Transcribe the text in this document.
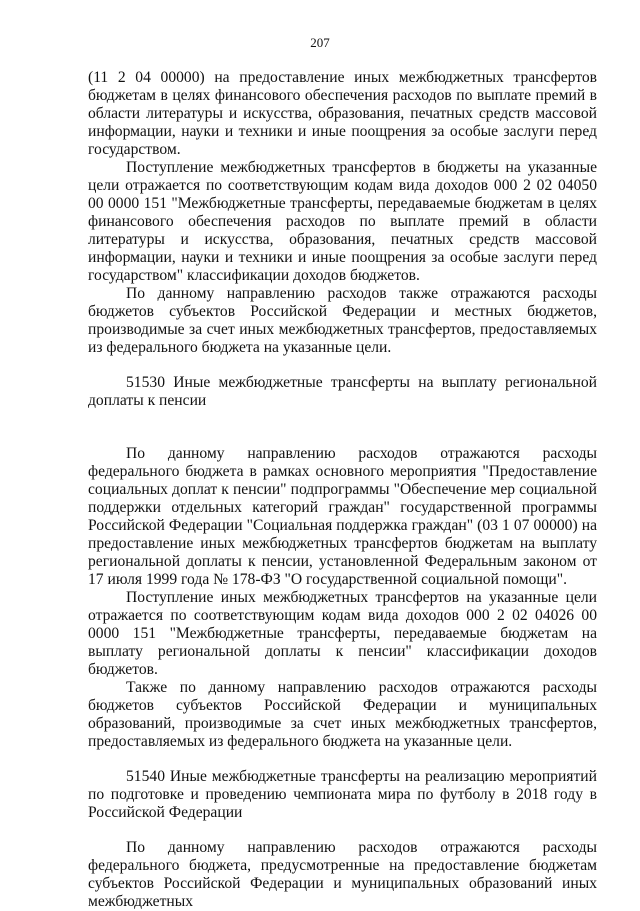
207

(11 2 04 00000) на предоставление иных межбюджетных трансфертов бюджетам в целях финансового обеспечения расходов по выплате премий в области литературы и искусства, образования, печатных средств массовой информации, науки и техники и иные поощрения за особые заслуги перед государством.

Поступление межбюджетных трансфертов в бюджеты на указанные цели отражается по соответствующим кодам вида доходов 000 2 02 04050 00 0000 151 "Межбюджетные трансферты, передаваемые бюджетам в целях финансового обеспечения расходов по выплате премий в области литературы и искусства, образования, печатных средств массовой информации, науки и техники и иные поощрения за особые заслуги перед государством" классификации доходов бюджетов.

По данному направлению расходов также отражаются расходы бюджетов субъектов Российской Федерации и местных бюджетов, производимые за счет иных межбюджетных трансфертов, предоставляемых из федерального бюджета на указанные цели.

51530 Иные межбюджетные трансферты на выплату региональной доплаты к пенсии

По данному направлению расходов отражаются расходы федерального бюджета в рамках основного мероприятия "Предоставление социальных доплат к пенсии" подпрограммы "Обеспечение мер социальной поддержки отдельных категорий граждан" государственной программы Российской Федерации "Социальная поддержка граждан" (03 1 07 00000) на предоставление иных межбюджетных трансфертов бюджетам на выплату региональной доплаты к пенсии, установленной Федеральным законом от 17 июля 1999 года № 178-ФЗ "О государственной социальной помощи".

Поступление иных межбюджетных трансфертов на указанные цели отражается по соответствующим кодам вида доходов 000 2 02 04026 00 0000 151 "Межбюджетные трансферты, передаваемые бюджетам на выплату региональной доплаты к пенсии" классификации доходов бюджетов.

Также по данному направлению расходов отражаются расходы бюджетов субъектов Российской Федерации и муниципальных образований, производимые за счет иных межбюджетных трансфертов, предоставляемых из федерального бюджета на указанные цели.

51540 Иные межбюджетные трансферты на реализацию мероприятий по подготовке и проведению чемпионата мира по футболу в 2018 году в Российской Федерации

По данному направлению расходов отражаются расходы федерального бюджета, предусмотренные на предоставление бюджетам субъектов Российской Федерации и муниципальных образований иных межбюджетных
